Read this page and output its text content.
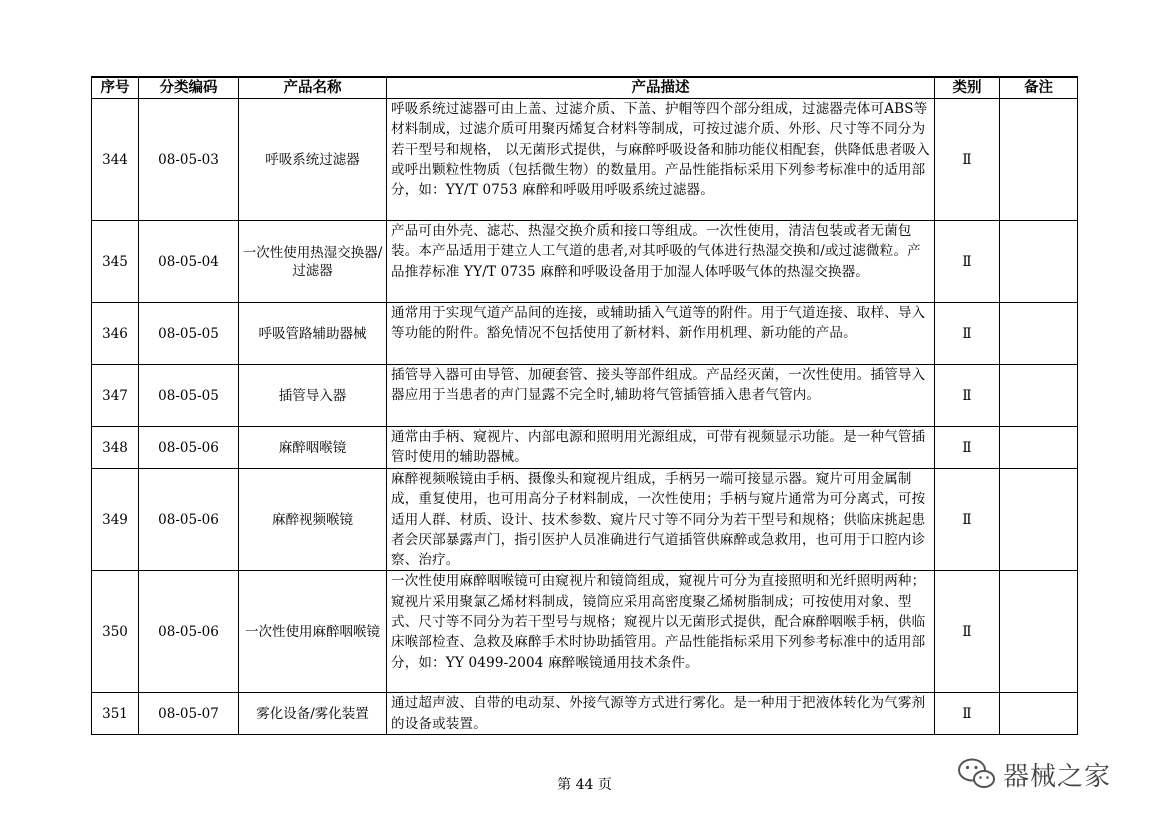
序号	分类编码	产品名称	产品描述	类别	备注
344	08-05-03	呼吸系统过滤器	呼吸系统过滤器可由上盖、过滤介质、下盖、护帽等四个部分组成，过滤器壳体可ABS等材料制成，过滤介质可用聚丙烯复合材料等制成，可按过滤介质、外形、尺寸等不同分为若干型号和规格， 以无菌形式提供，与麻醉呼吸设备和肺功能仪相配套，供降低患者吸入或呼出颗粒性物质（包括微生物）的数量用。产品性能指标采用下列参考标准中的适用部分，如：YY/T 0753 麻醉和呼吸用呼吸系统过滤器。	Ⅱ	
345	08-05-04	一次性使用热湿交换器/过滤器	产品可由外壳、滤芯、热湿交换介质和接口等组成。一次性使用，清洁包装或者无菌包装。本产品适用于建立人工气道的患者,对其呼吸的气体进行热湿交换和/或过滤微粒。产品推荐标准 YY/T 0735 麻醉和呼吸设备用于加湿人体呼吸气体的热湿交换器。	Ⅱ	
346	08-05-05	呼吸管路辅助器械	通常用于实现气道产品间的连接，或辅助插入气道等的附件。用于气道连接、取样、导入等功能的附件。豁免情况不包括使用了新材料、新作用机理、新功能的产品。	Ⅱ	
347	08-05-05	插管导入器	插管导入器可由导管、加硬套管、接头等部件组成。产品经灭菌，一次性使用。插管导入器应用于当患者的声门显露不完全时,辅助将气管插管插入患者气管内。	Ⅱ	
348	08-05-06	麻醉咽喉镜	通常由手柄、窥视片、内部电源和照明用光源组成，可带有视频显示功能。是一种气管插管时使用的辅助器械。	Ⅱ	
349	08-05-06	麻醉视频喉镜	麻醉视频喉镜由手柄、摄像头和窥视片组成，手柄另一端可接显示器。窥片可用金属制成，重复使用，也可用高分子材料制成，一次性使用；手柄与窥片通常为可分离式，可按适用人群、材质、设计、技术参数、窥片尺寸等不同分为若干型号和规格；供临床挑起患者会厌部暴露声门，指引医护人员准确进行气道插管供麻醉或急救用，也可用于口腔内诊察、治疗。	Ⅱ	
350	08-05-06	一次性使用麻醉咽喉镜	一次性使用麻醉咽喉镜可由窥视片和镜筒组成，窥视片可分为直接照明和光纤照明两种；窥视片采用聚氯乙烯材料制成，镜筒应采用高密度聚乙烯树脂制成；可按使用对象、型式、尺寸等不同分为若干型号与规格；窥视片以无菌形式提供，配合麻醉咽喉手柄，供临床喉部检查、急救及麻醉手术时协助插管用。产品性能指标采用下列参考标准中的适用部分，如：YY 0499-2004 麻醉喉镜通用技术条件。	Ⅱ	
351	08-05-07	雾化设备/雾化装置	通过超声波、自带的电动泵、外接气源等方式进行雾化。是一种用于把液体转化为气雾剂的设备或装置。	Ⅱ	
第 44 页	器械之家
